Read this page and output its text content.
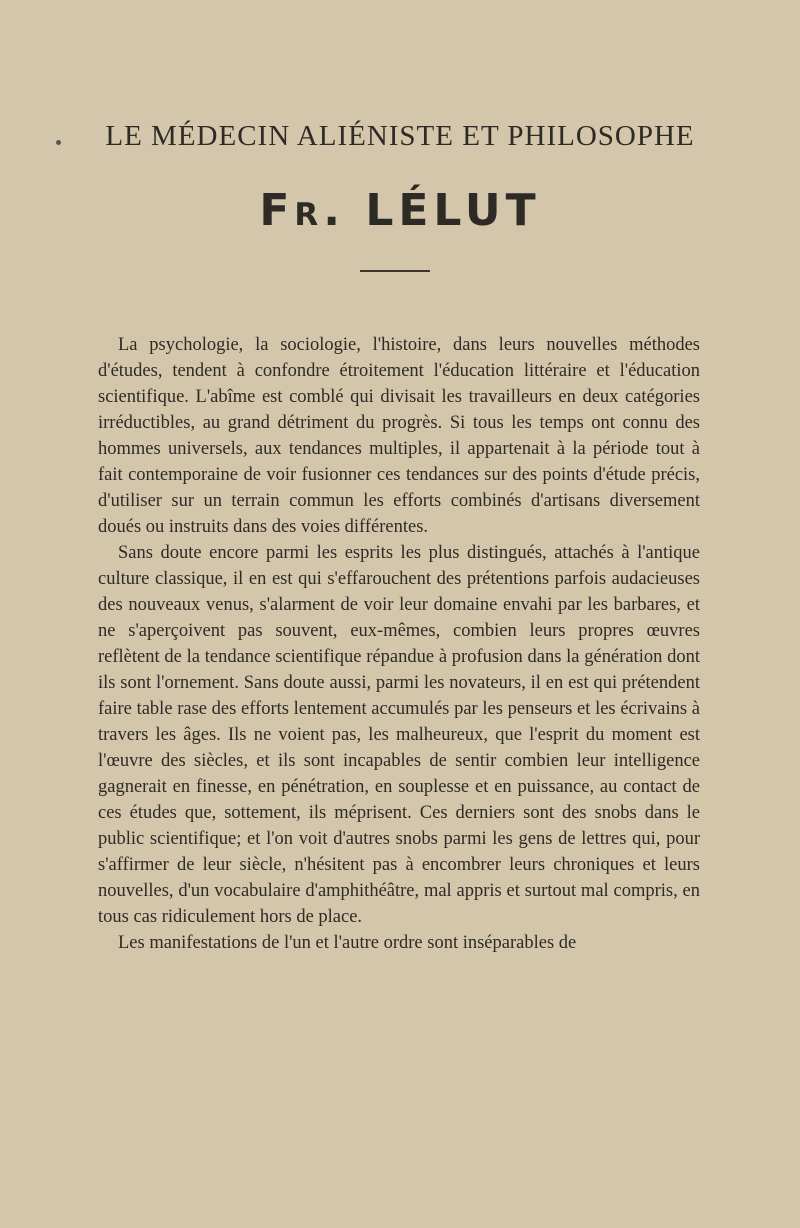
LE MÉDECIN ALIÉNISTE ET PHILOSOPHE
Fr. LÉLUT

La psychologie, la sociologie, l'histoire, dans leurs nouvelles méthodes d'études, tendent à confondre étroitement l'éducation littéraire et l'éducation scientifique. L'abîme est comblé qui divisait les travailleurs en deux catégories irréductibles, au grand détriment du progrès. Si tous les temps ont connu des hommes universels, aux tendances multiples, il appartenait à la période tout à fait contemporaine de voir fusionner ces tendances sur des points d'étude précis, d'utiliser sur un terrain commun les efforts combinés d'artisans diversement doués ou instruits dans des voies différentes.

Sans doute encore parmi les esprits les plus distingués, attachés à l'antique culture classique, il en est qui s'effarouchent des prétentions parfois audacieuses des nouveaux venus, s'alarment de voir leur domaine envahi par les barbares, et ne s'aperçoivent pas souvent, eux-mêmes, combien leurs propres œuvres reflètent de la tendance scientifique répandue à profusion dans la génération dont ils sont l'ornement. Sans doute aussi, parmi les novateurs, il en est qui prétendent faire table rase des efforts lentement accumulés par les penseurs et les écrivains à travers les âges. Ils ne voient pas, les malheureux, que l'esprit du moment est l'œuvre des siècles, et ils sont incapables de sentir combien leur intelligence gagnerait en finesse, en pénétration, en souplesse et en puissance, au contact de ces études que, sottement, ils méprisent. Ces derniers sont des snobs dans le public scientifique; et l'on voit d'autres snobs parmi les gens de lettres qui, pour s'affirmer de leur siècle, n'hésitent pas à encombrer leurs chroniques et leurs nouvelles, d'un vocabulaire d'amphithéâtre, mal appris et surtout mal compris, en tous cas ridiculement hors de place.

Les manifestations de l'un et l'autre ordre sont inséparables de
